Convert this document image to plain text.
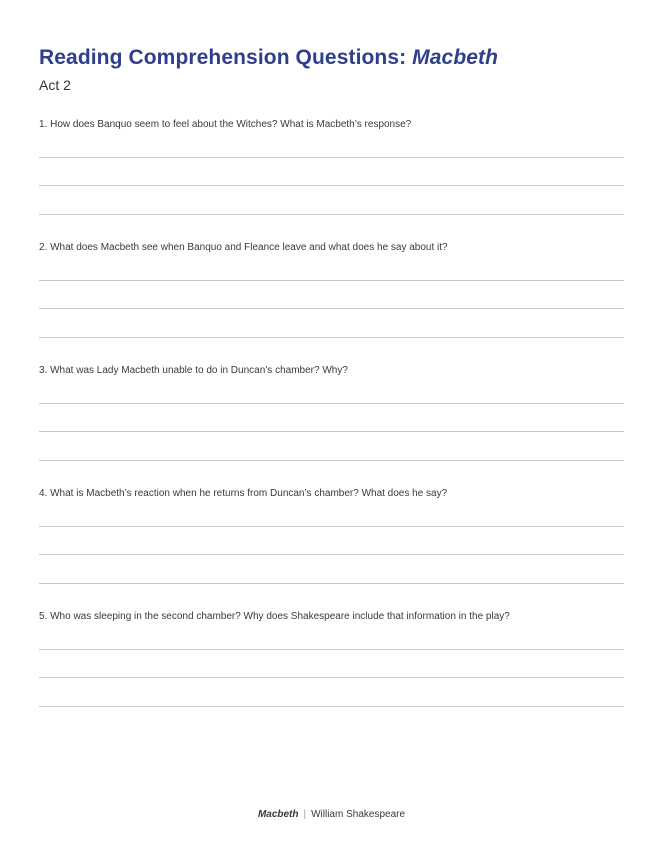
Reading Comprehension Questions: Macbeth
Act 2
1. How does Banquo seem to feel about the Witches? What is Macbeth’s response?
2. What does Macbeth see when Banquo and Fleance leave and what does he say about it?
3. What was Lady Macbeth unable to do in Duncan’s chamber? Why?
4. What is Macbeth’s reaction when he returns from Duncan’s chamber? What does he say?
5. Who was sleeping in the second chamber? Why does Shakespeare include that information in the play?
Macbeth | William Shakespeare
